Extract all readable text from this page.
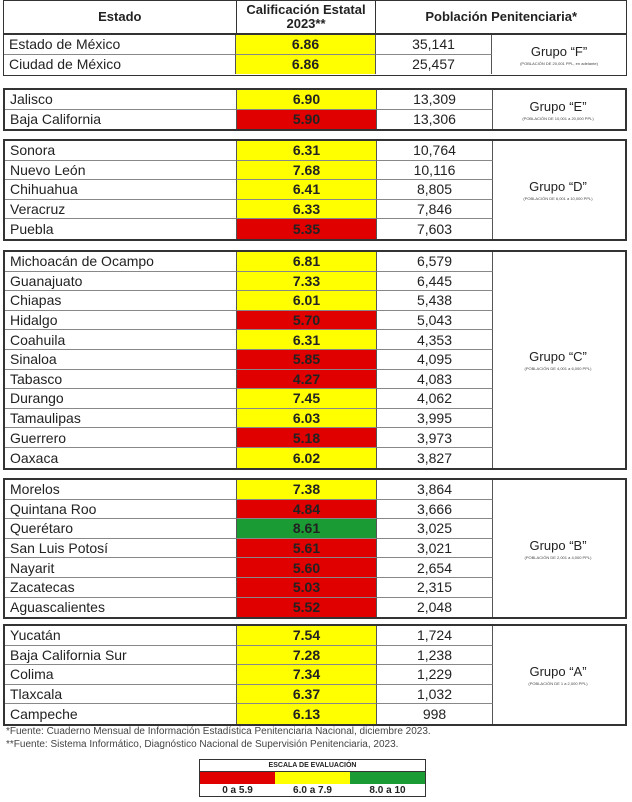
Estado	Calificación Estatal 2023**	Población Penitenciaria*
Estado de México	6.86	35,141
Ciudad de México	6.86	25,457
Grupo “F”
(POBLACIÓN DE 20,001 PPL, en adelante)
Jalisco	6.90	13,309
Baja California	5.90	13,306
Grupo “E”
(POBLACIÓN DE 10,001 a 20,000 PPL)
Sonora	6.31	10,764
Nuevo León	7.68	10,116
Chihuahua	6.41	8,805
Veracruz	6.33	7,846
Puebla	5.35	7,603
Grupo “D”
(POBLACIÓN DE 6,001 a 10,000 PPL)
Michoacán de Ocampo	6.81	6,579
Guanajuato	7.33	6,445
Chiapas	6.01	5,438
Hidalgo	5.70	5,043
Coahuila	6.31	4,353
Sinaloa	5.85	4,095
Tabasco	4.27	4,083
Durango	7.45	4,062
Tamaulipas	6.03	3,995
Guerrero	5.18	3,973
Oaxaca	6.02	3,827
Grupo “C”
(POBLACIÓN DE 4,001 a 6,000 PPL)
Morelos	7.38	3,864
Quintana Roo	4.84	3,666
Querétaro	8.61	3,025
San Luis Potosí	5.61	3,021
Nayarit	5.60	2,654
Zacatecas	5.03	2,315
Aguascalientes	5.52	2,048
Grupo “B”
(POBLACIÓN DE 2,001 a 4,000 PPL)
Yucatán	7.54	1,724
Baja California Sur	7.28	1,238
Colima	7.34	1,229
Tlaxcala	6.37	1,032
Campeche	6.13	998
Grupo “A”
(POBLACIÓN DE 1 a 2,000 PPL)
*Fuente: Cuaderno Mensual de Información Estadística Penitenciaria Nacional, diciembre 2023.
**Fuente: Sistema Informático, Diagnóstico Nacional de Supervisión Penitenciaria, 2023.
ESCALA DE EVALUACIÓN
0 a 5.9	6.0 a 7.9	8.0 a 10
